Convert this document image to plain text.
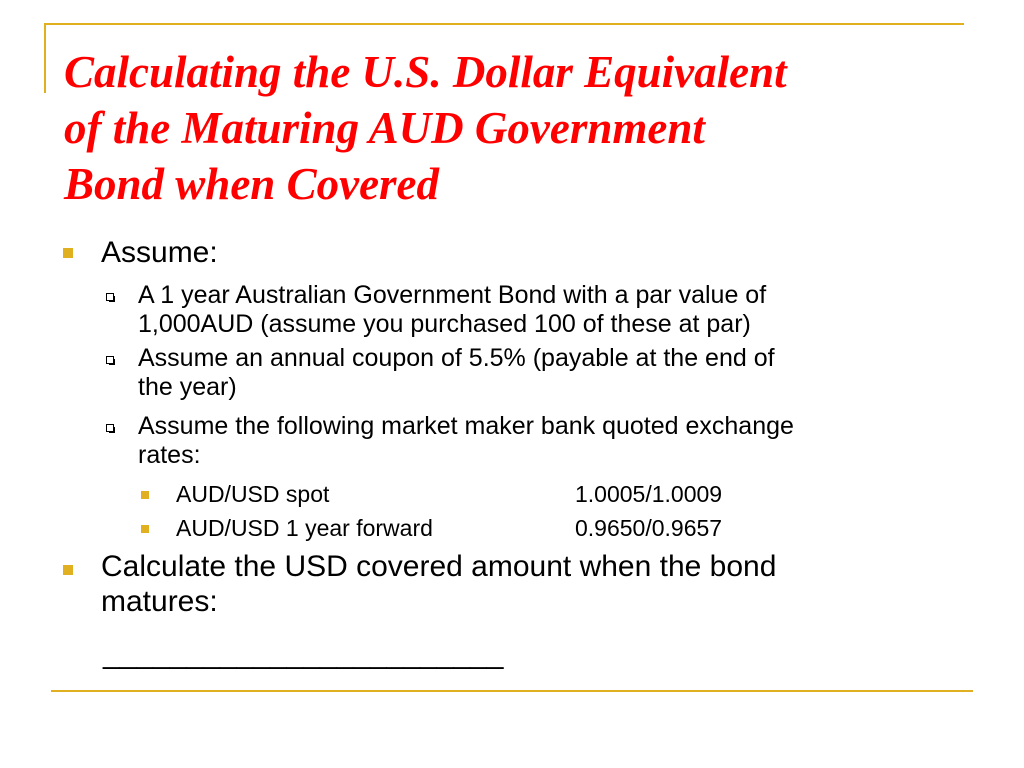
Calculating the U.S. Dollar Equivalent
of the Maturing AUD Government
Bond when Covered
Assume:
A 1 year Australian Government Bond with a par value of
1,000AUD (assume you purchased 100 of these at par)
Assume an annual coupon of 5.5% (payable at the end of
the year)
Assume the following market maker bank quoted exchange
rates:
AUD/USD spot	1.0005/1.0009
AUD/USD 1 year forward	0.9650/0.9657
Calculate the USD covered amount when the bond
matures:
________________________
